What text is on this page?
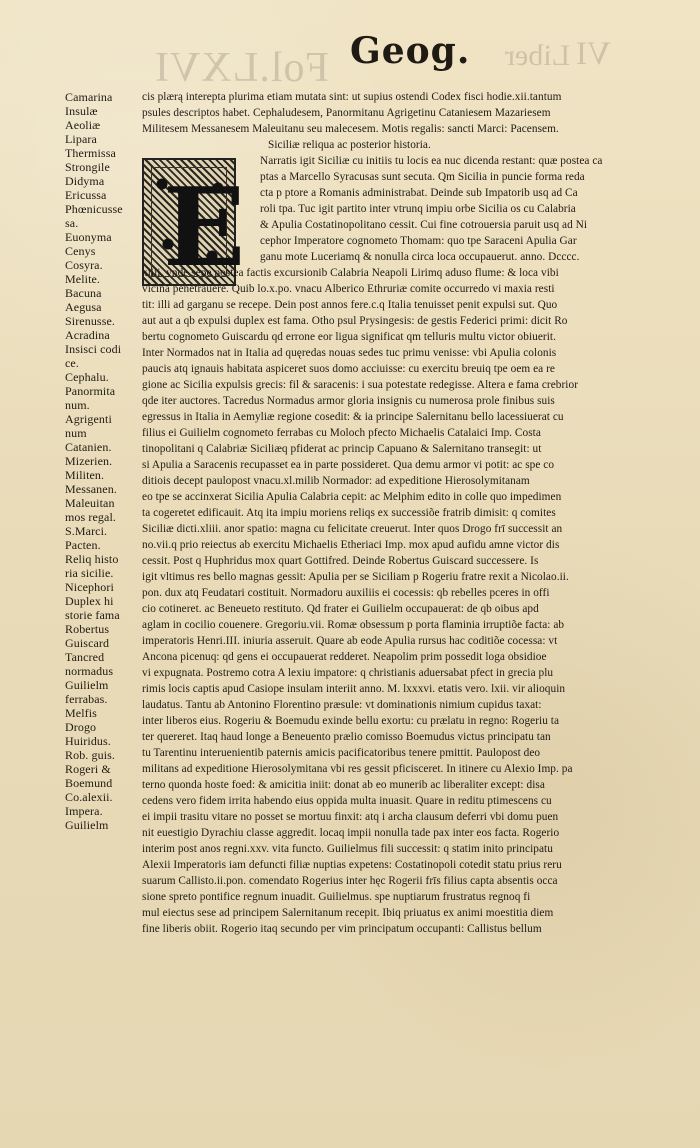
Fol.LXVI	Liber VI
Geog.
Camarina
Insulæ
Aeoliæ
Lipara
Thermissa
Strongile
Didyma
Ericussa
Phœnicusse
sa.
Euonyma
Cenys
Cosyra.
Melite.
Bacuna
Aegusa
Sirenusse.
Acradina
Insisci codi
ce.
Cephalu.
Panormita
num.
Agrigenti
num
Catanien.
Mizerien.
Militen.
Messanen.
Maleuitan
mos regal.
S.Marci.
Pacten.
Reliq histo
ria sicilie.
Nicephori
Duplex hi
storie fama
Robertus
Guiscard
Tancred
normadus
Guilielm
ferrabas.
Melfis
Drogo
Huiridus.
Rob. guis.
Rogeri &
Boemund
Co.alexii.
Impera.
Guilielm
E
cis plærą interepta plurima etiam mutata sint: ut supius ostendi Codex fisci hodie.xii.tantum
psules descriptos habet. Cephaludesem, Panormitanu Agrigetinu Cataniesem Mazariesem
Militesem Messanesem Maleuitanu seu malecesem. Motis regalis: sancti Marci: Pacensem.
Siciliæ reliqua ac posterior historia.
Narratis igit Siciliæ cu initiis tu locis ea nuc dicenda restant: quæ postea ca
ptas a Marcello Syracusas sunt secuta. Qm Sicilia in puncie forma reda
cta p ptore a Romanis administrabat. Deinde sub Impatorib usq ad Ca
roli tpa. Tuc igit partito inter vtrunq impiu orbe Sicilia os cu Calabria
& Apulia Costatinopolitano cessit. Cui fine cotrouersia paruit usq ad Ni
cephor Imperatore cognometo Thomam: quo tpe Saraceni Apulia Gar
ganu mote Luceriamq & nonulla circa loca occupauerut. anno. Dcccc.
xiiii. vnde sepe postea factis excursionib Calabria Neapoli Lirimq aduso flume: & loca vibi
vicina penetrauere. Quib lo.x.po. vnacu Alberico Ethruriæ comite occurredo vi maxia resti
tit: illi ad garganu se recepe. Dein post annos fere.c.q Italia tenuisset penit expulsi sut. Quo
aut aut a qb expulsi duplex est fama. Otho psul Prysingesis: de gestis Federici primi: dicit Ro
bertu cognometo Guiscardu qd errone eor ligua significat qm telluris multu victor obiuerit.
Inter Normados nat in Italia ad quęredas nouas sedes tuc primu venisse: vbi Apulia colonis
paucis atq ignauis habitata aspiceret suos domo acciuisse: cu exercitu breuiq tpe oem ea re
gione ac Sicilia expulsis grecis: fil & saracenis: i sua potestate redegisse. Altera e fama crebrior
qde iter auctores. Tacredus Normadus armor gloria insignis cu numerosa prole finibus suis
egressus in Italia in Aemyliæ regione cosedit: & ia principe Salernitanu bello lacessiuerat cu
filius ei Guilielm cognometo ferrabas cu Moloch pfecto Michaelis Catalaici Imp. Costa
tinopolitani q Calabriæ Siciliæq pfiderat ac princip Capuano & Salernitano transegit: ut
si Apulia a Saracenis recupasset ea in parte possideret. Qua demu armor vi potit: ac spe co
ditiois decept paulopost vnacu.xl.milib Normador: ad expeditione Hierosolymitanam
eo tpe se accinxerat Sicilia Apulia Calabria cepit: ac Melphim edito in colle quo impedimen
ta cogeretet edificauit. Atq ita impiu moriens reliqs ex successiõe fratrib dimisit: q comites
Siciliæ dicti.xliii. anor spatio: magna cu felicitate creuerut. Inter quos Drogo frī successit an
no.vii.q prio reiectus ab exercitu Michaelis Etheriaci Imp. mox apud aufidu amne victor dis
cessit. Post q Huphridus mox quart Gottifred. Deinde Robertus Guiscard successere. Is
igit vltimus res bello magnas gessit: Apulia per se Siciliam p Rogeriu fratre rexit a Nicolao.ii.
pon. dux atq Feudatari costituit. Normadoru auxiliis ei cocessis: qb rebelles pceres in offi
cio cotineret. ac Beneueto restituto. Qd frater ei Guilielm occupauerat: de qb oibus apd
aglam in cocilio couenere. Gregoriu.vii. Romæ obsessum p porta flaminia irruptiõe facta: ab
imperatoris Henri.III. iniuria asseruit. Quare ab eode Apulia rursus hac coditiõe cocessa: vt
Ancona picenuq: qd gens ei occupauerat redderet. Neapolim prim possedit loga obsidioe
vi expugnata. Postremo cotra A lexiu impatore: q christianis aduersabat pfect in grecia plu
rimis locis captis apud Casiope insulam interiit anno. M. lxxxvi. etatis vero. lxii. vir alioquin
laudatus. Tantu ab Antonino Florentino præsule: vt dominationis nimium cupidus taxat:
inter liberos eius. Rogeriu & Boemudu exinde bellu exortu: cu prælatu in regno: Rogeriu ta
ter quereret. Itaq haud longe a Beneuento prælio comisso Boemudus victus principatu tan
tu Tarentinu interuenientib paternis amicis pacificatoribus tenere pmittit. Paulopost deo
militans ad expeditione Hierosolymitana vbi res gessit pficisceret. In itinere cu Alexio Imp. pa
terno quonda hoste foed: & amicitia iniit: donat ab eo munerib ac liberaliter except: disa
cedens vero fidem irrita habendo eius oppida multa inuasit. Quare in reditu ptimescens cu
ei impii trasitu vitare no posset se mortuu finxit: atq i archa clausum deferri vbi domu puen
nit euestigio Dyrachiu classe aggredit. locaq impii nonulla tade pax inter eos facta. Rogerio
interim post anos regni.xxv. vita functo. Guilielmus fili successit: q statim inito principatu
Alexii Imperatoris iam defuncti filiæ nuptias expetens: Costatinopoli cotedit statu prius reru
suarum Callisto.ii.pon. comendato Rogerius inter hęc Rogerii frīs filius capta absentis occa
sione spreto pontifice regnum inuadit. Guilielmus. spe nuptiarum frustratus regnoq fi
mul eiectus sese ad principem Salernitanum recepit. Ibiq priuatus ex animi moestitia diem
fine liberis obiit. Rogerio itaq secundo per vim principatum occupanti: Callistus bellum
